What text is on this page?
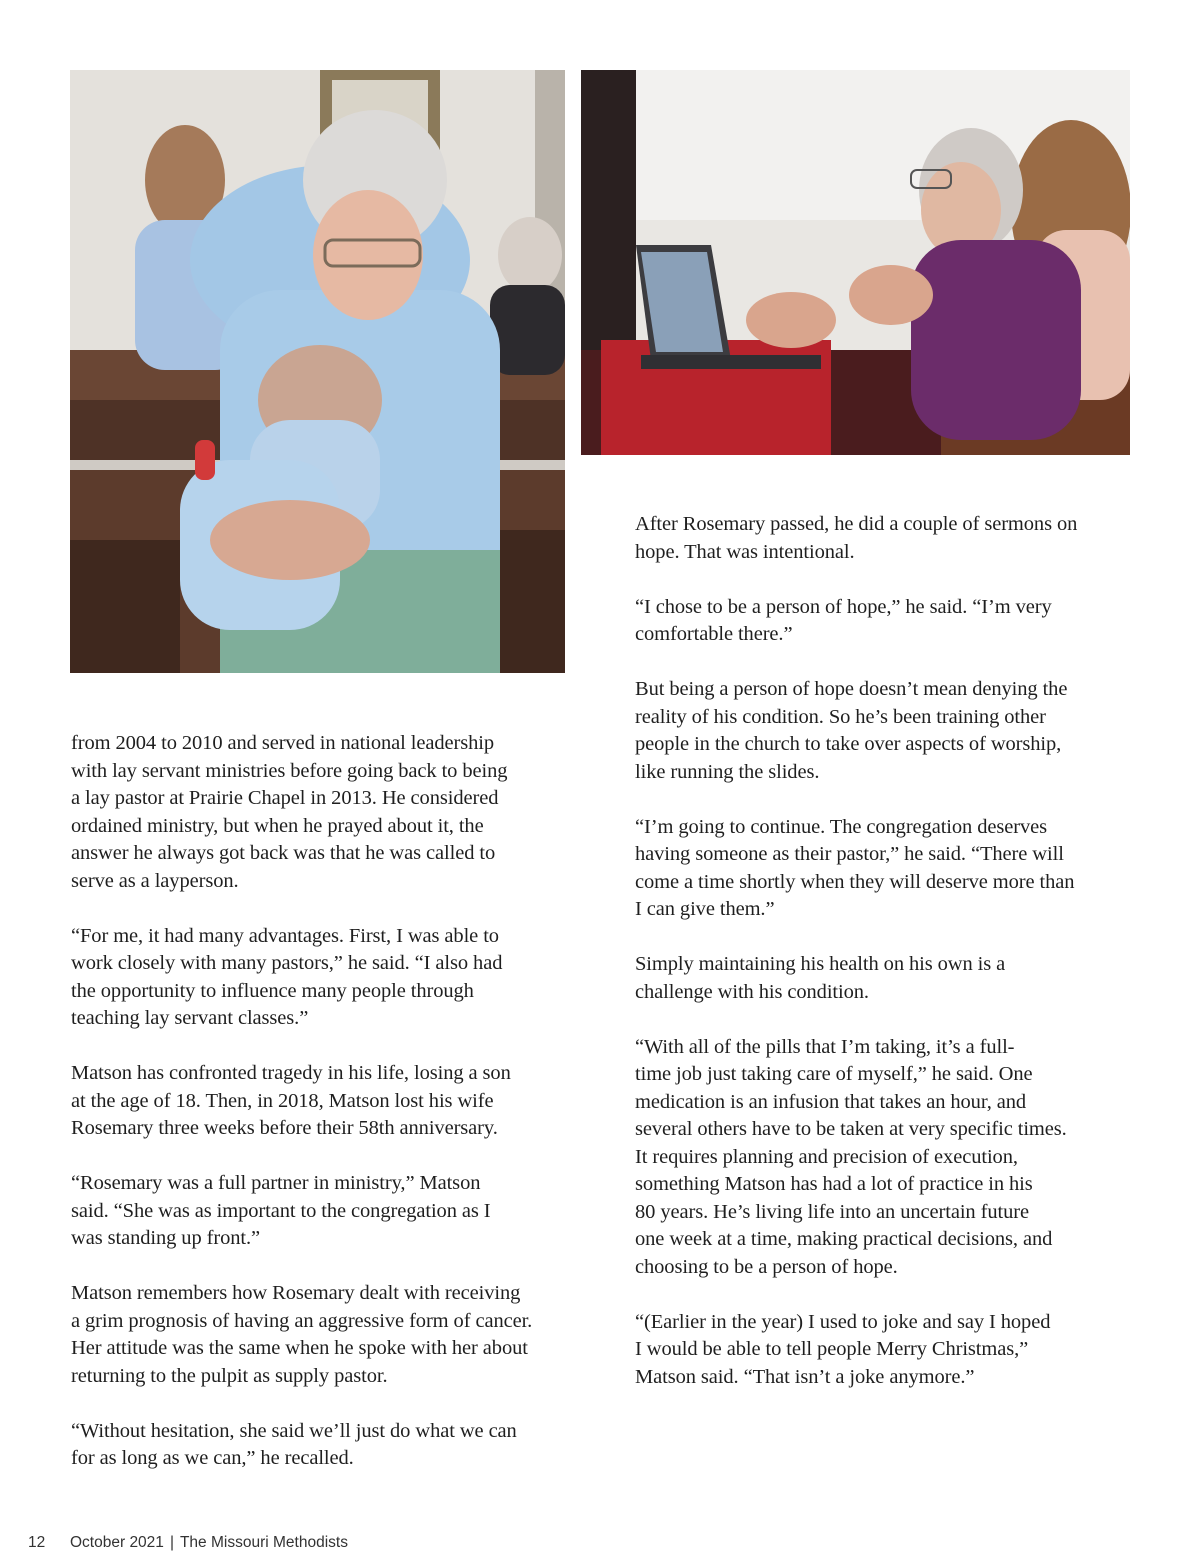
from 2004 to 2010 and served in national leadership
with lay servant ministries before going back to being
a lay pastor at Prairie Chapel in 2013. He considered
ordained ministry, but when he prayed about it, the
answer he always got back was that he was called to
serve as a layperson.

“For me, it had many advantages. First, I was able to
work closely with many pastors,” he said. “I also had
the opportunity to influence many people through
teaching lay servant classes.”

Matson has confronted tragedy in his life, losing a son
at the age of 18. Then, in 2018, Matson lost his wife
Rosemary three weeks before their 58th anniversary.

“Rosemary was a full partner in ministry,” Matson
said. “She was as important to the congregation as I
was standing up front.”

Matson remembers how Rosemary dealt with receiving
a grim prognosis of having an aggressive form of cancer.
Her attitude was the same when he spoke with her about
returning to the pulpit as supply pastor.

“Without hesitation, she said we’ll just do what we can
for as long as we can,” he recalled.

After Rosemary passed, he did a couple of sermons on
hope. That was intentional.

“I chose to be a person of hope,” he said. “I’m very
comfortable there.”

But being a person of hope doesn’t mean denying the
reality of his condition. So he’s been training other
people in the church to take over aspects of worship,
like running the slides.

“I’m going to continue. The congregation deserves
having someone as their pastor,” he said. “There will
come a time shortly when they will deserve more than
I can give them.”

Simply maintaining his health on his own is a
challenge with his condition.

“With all of the pills that I’m taking, it’s a full-
time job just taking care of myself,” he said. One
medication is an infusion that takes an hour, and
several others have to be taken at very specific times.
It requires planning and precision of execution,
something Matson has had a lot of practice in his
80 years. He’s living life into an uncertain future
one week at a time, making practical decisions, and
choosing to be a person of hope.

“(Earlier in the year) I used to joke and say I hoped
I would be able to tell people Merry Christmas,”
Matson said. “That isn’t a joke anymore.”

12 October 2021 | The Missouri Methodists
